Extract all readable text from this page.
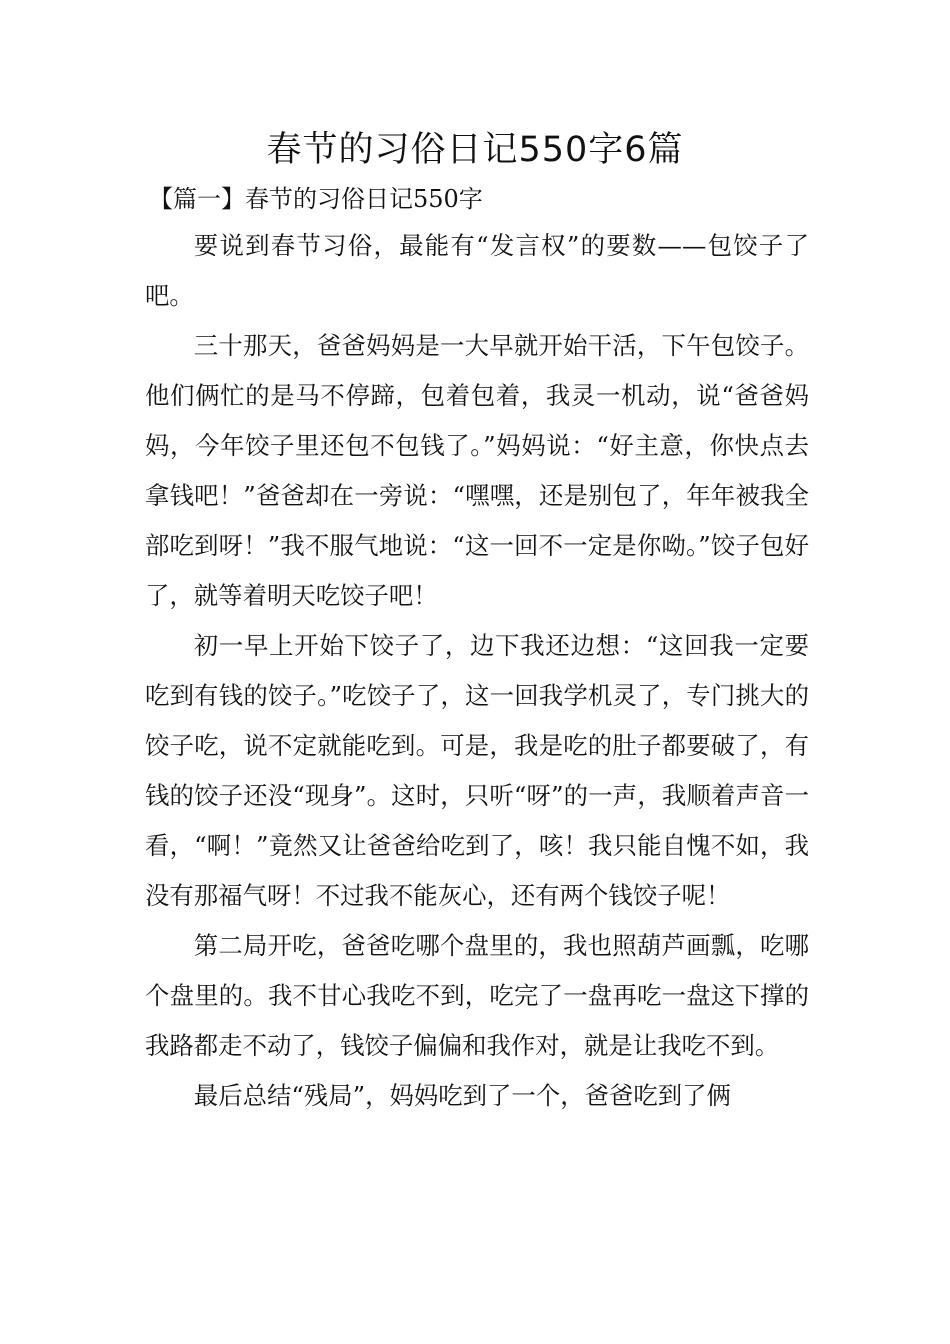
春节的习俗日记550字6篇
【篇一】春节的习俗日记550字

要说到春节习俗，最能有“发言权”的要数——包饺子了吧。

三十那天，爸爸妈妈是一大早就开始干活，下午包饺子。他们俩忙的是马不停蹄，包着包着，我灵一机动，说“爸爸妈妈，今年饺子里还包不包钱了。”妈妈说：“好主意，你快点去拿钱吧！”爸爸却在一旁说：“嘿嘿，还是别包了，年年被我全部吃到呀！”我不服气地说：“这一回不一定是你呦。”饺子包好了，就等着明天吃饺子吧！

初一早上开始下饺子了，边下我还边想：“这回我一定要吃到有钱的饺子。”吃饺子了，这一回我学机灵了，专门挑大的饺子吃，说不定就能吃到。可是，我是吃的肚子都要破了，有钱的饺子还没“现身”。这时，只听“呀”的一声，我顺着声音一看，“啊！”竟然又让爸爸给吃到了，咳！我只能自愧不如，我没有那福气呀！不过我不能灰心，还有两个钱饺子呢！

第二局开吃，爸爸吃哪个盘里的，我也照葫芦画瓢，吃哪个盘里的。我不甘心我吃不到，吃完了一盘再吃一盘这下撑的我路都走不动了，钱饺子偏偏和我作对，就是让我吃不到。

最后总结“残局”，妈妈吃到了一个，爸爸吃到了俩
